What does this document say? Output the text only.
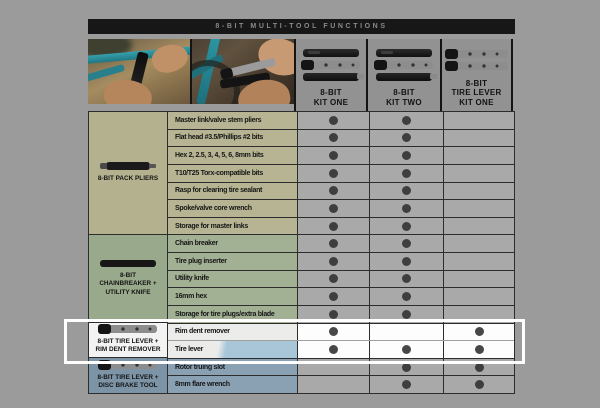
8-BIT MULTI-TOOL FUNCTIONS
8-BIT
KIT ONE
8-BIT
KIT TWO
8-BIT
TIRE LEVER
KIT ONE
8-BIT PACK PLIERS
8-BIT CHAINBREAKER + UTILITY KNIFE
8-BIT TIRE LEVER + RIM DENT REMOVER
8-BIT TIRE LEVER + DISC BRAKE TOOL
Master link/valve stem pliers
Flat head #3.5/Phillips #2 bits
Hex 2, 2.5, 3, 4, 5, 6, 8mm bits
T10/T25 Torx-compatible bits
Rasp for clearing tire sealant
Spoke/valve core wrench
Storage for master links
Chain breaker
Tire plug inserter
Utility knife
16mm hex
Storage for tire plugs/extra blade
Rim dent remover
Tire lever
Rotor truing slot
8mm flare wrench
